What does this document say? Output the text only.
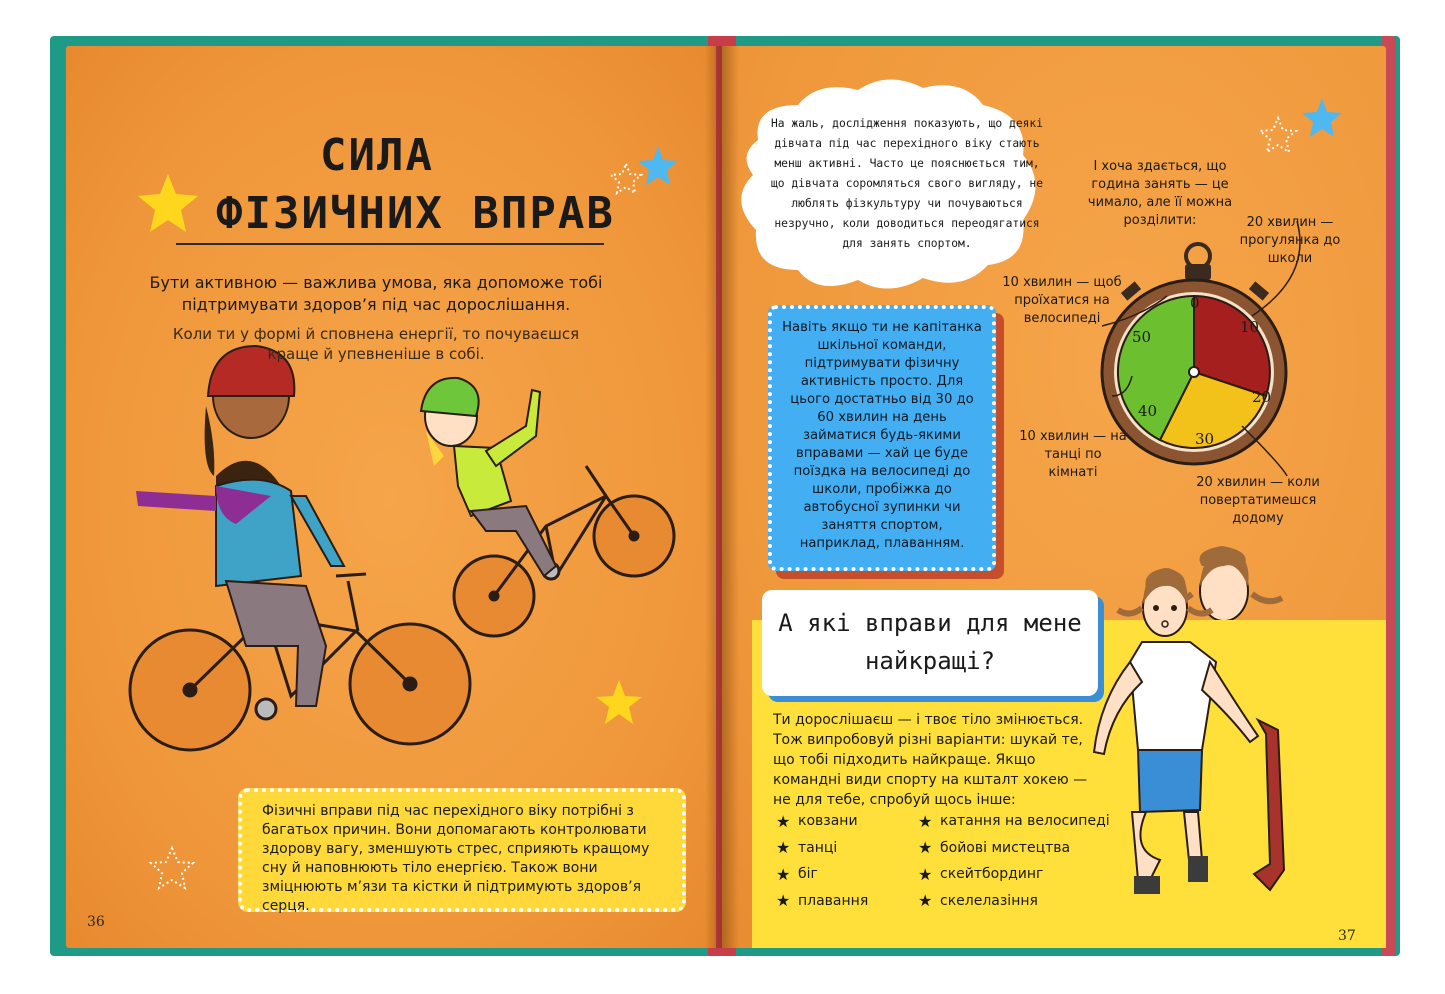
СИЛА
ФІЗИЧНИХ ВПРАВ
Бути активною — важлива умова, яка допоможе тобі підтримувати здоров’я під час дорослішання.
Коли ти у формі й сповнена енергії, то почуваєшся краще й упевненіше в собі.
Фізичні вправи під час перехідного віку потрібні з багатьох причин. Вони допомагають контролювати здорову вагу, зменшують стрес, сприяють кращому сну й наповнюють тіло енергією. Також вони зміцнюють м’язи та кістки й підтримують здоров’я серця.
36
0
10
20
30
40
50
На жаль, дослідження показують, що деякі дівчата під час перехідного віку стають менш активні. Часто це пояснюється тим, що дівчата соромляться свого вигляду, не люблять фізкультуру чи почуваються незручно, коли доводиться переодягатися для занять спортом.
Навіть якщо ти не капітанка шкільної команди, підтримувати фізичну активність просто. Для цього достатньо від 30 до 60 хвилин на день займатися будь-якими вправами — хай це буде поїздка на велосипеді до школи, пробіжка до автобусної зупинки чи заняття спортом, наприклад, плаванням.
І хоча здається, що година занять — це чимало, але її можна розділити:	20 хвилин — прогулянка до школи
10 хвилин — щоб проїхатися на велосипеді
10 хвилин — на танці по кімнаті
20 хвилин — коли повертатимешся додому
А які вправи для мене найкращі?
Ти дорослішаєш — і твоє тіло змінюється. Тож випробовуй різні варіанти: шукай те, що тобі підходить найкраще. Якщо командні види спорту на кшталт хокею — не для тебе, спробуй щось інше:
★ ковзани
★ танці
★ біг
★ плавання
★ катання на велосипеді
★ бойові мистецтва
★ скейтбординг
★ скелелазіння
37
